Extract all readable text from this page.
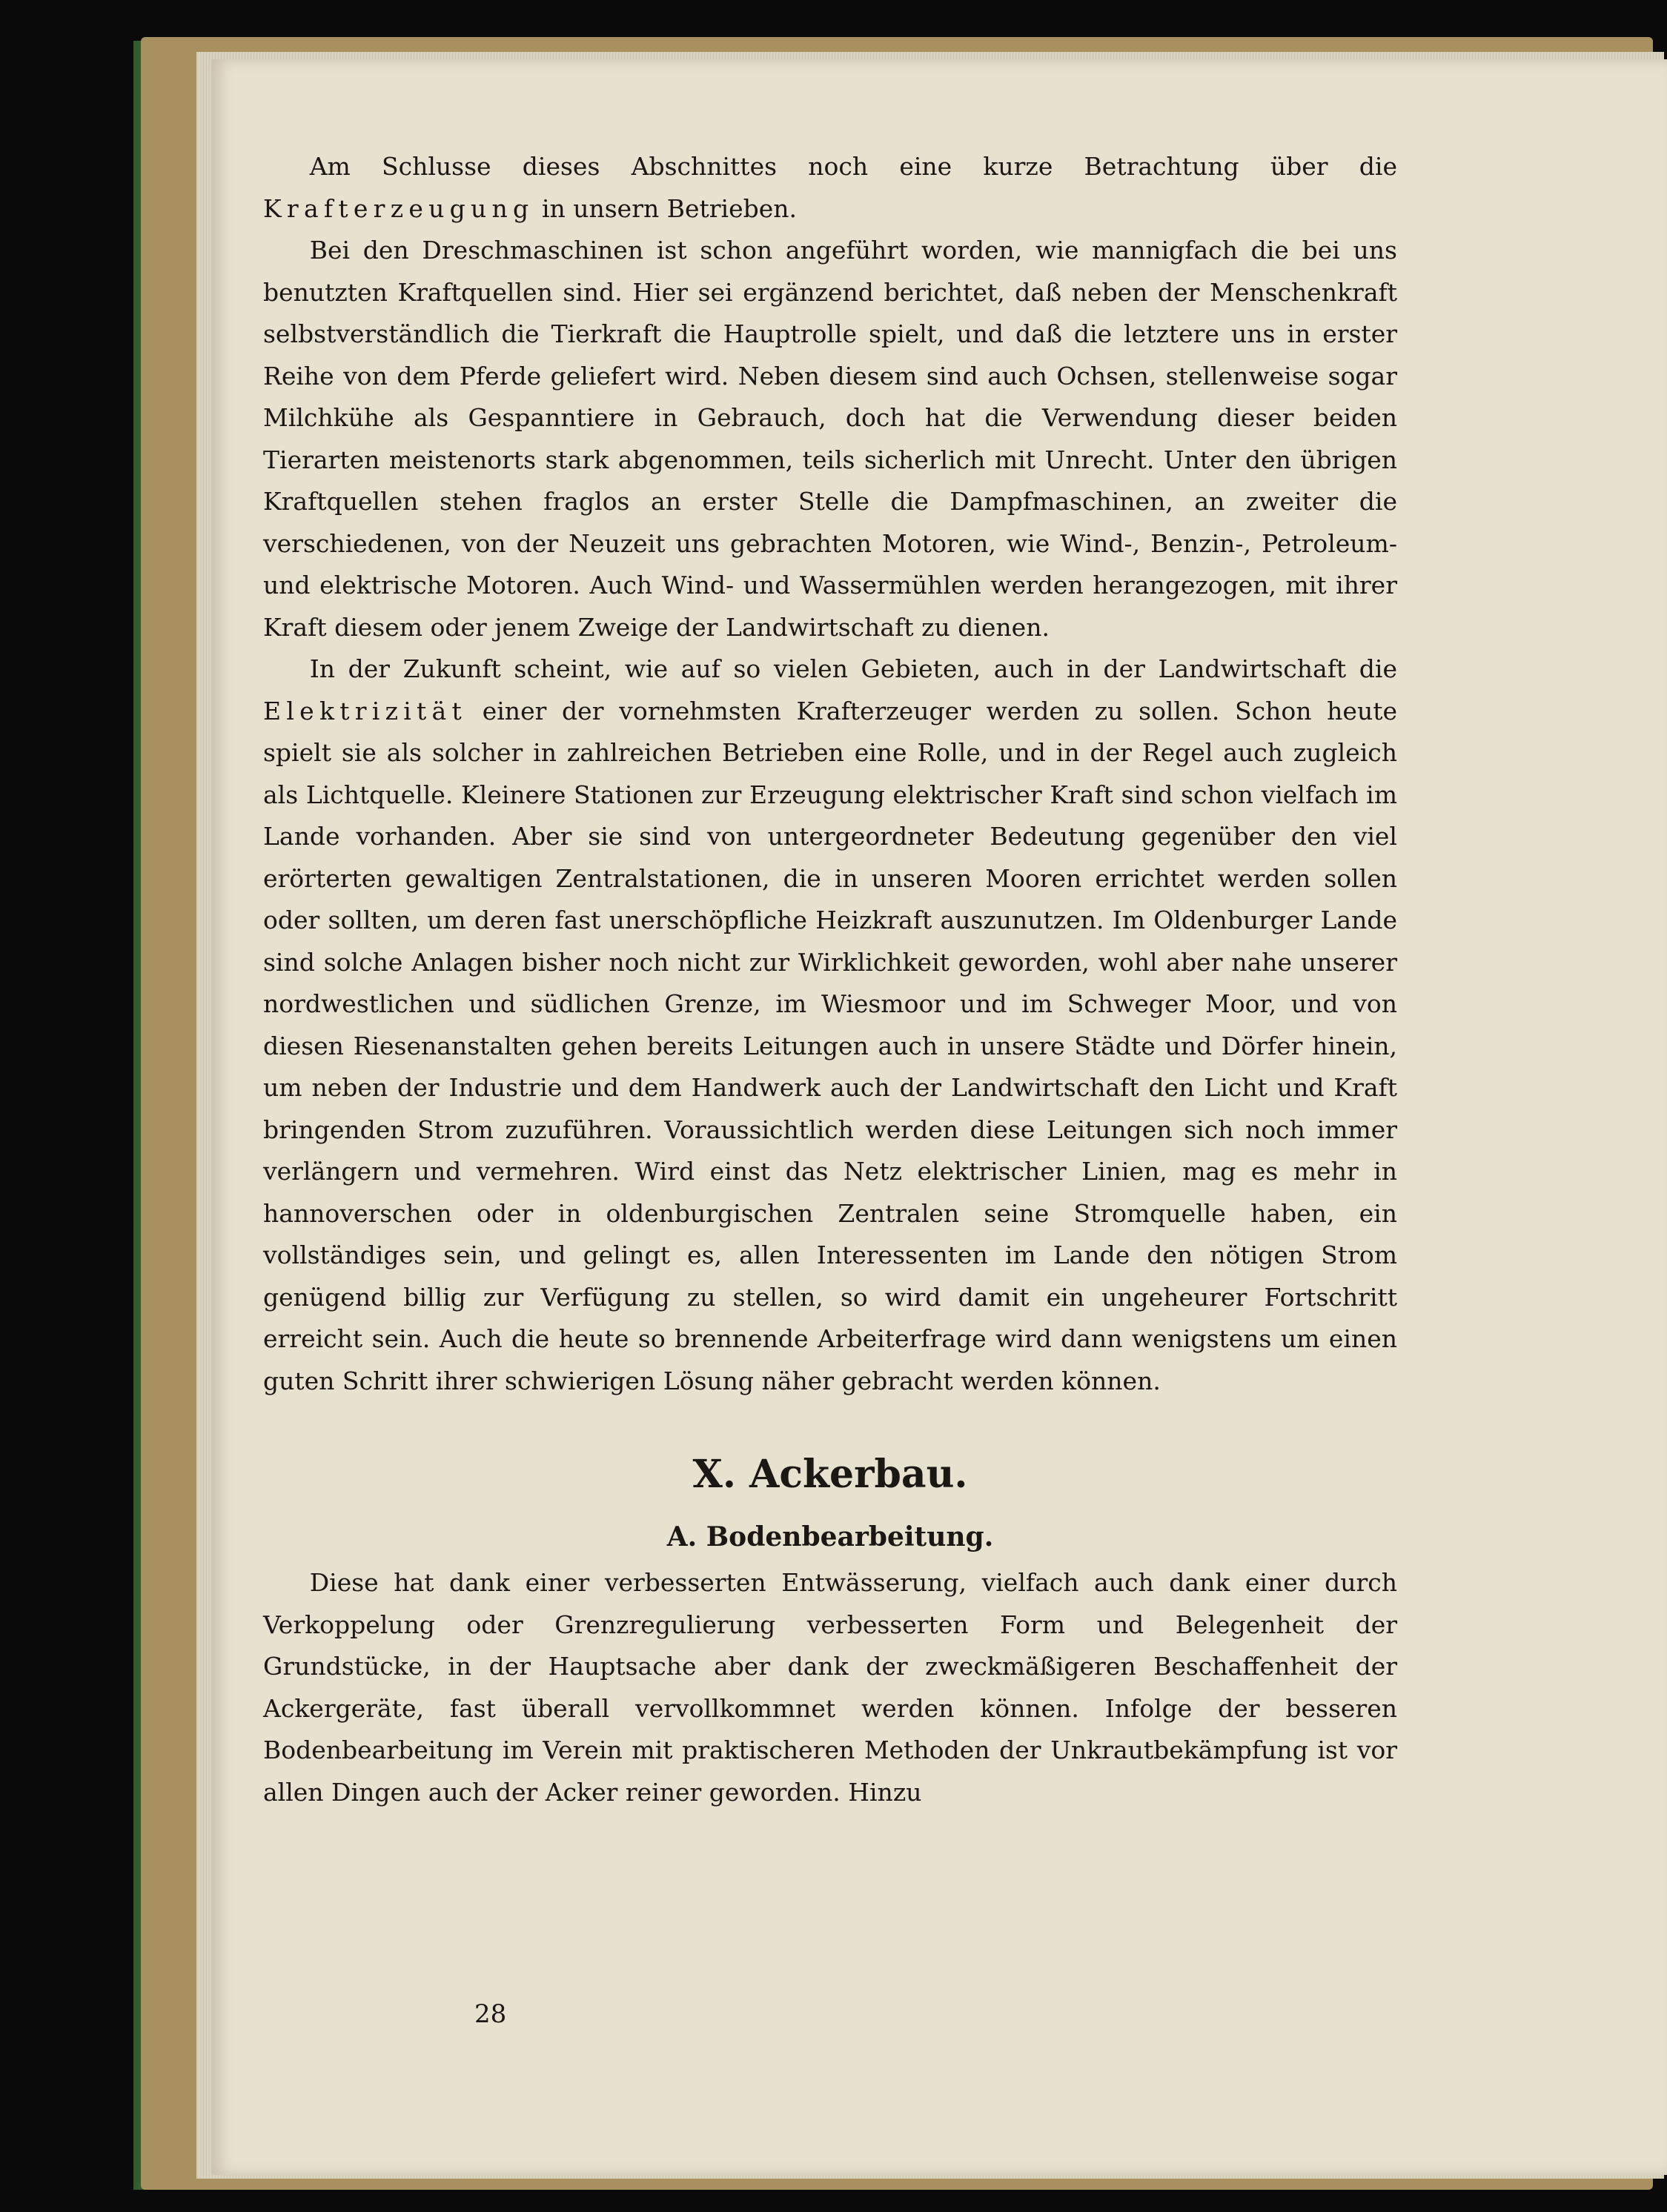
Am Schlusse dieses Abschnittes noch eine kurze Betrachtung über die Krafterzeugung in unsern Betrieben.

Bei den Dreschmaschinen ist schon angeführt worden, wie mannigfach die bei uns benutzten Kraftquellen sind. Hier sei ergänzend berichtet, daß neben der Menschenkraft selbstverständlich die Tierkraft die Hauptrolle spielt, und daß die letztere uns in erster Reihe von dem Pferde geliefert wird. Neben diesem sind auch Ochsen, stellenweise sogar Milchkühe als Gespanntiere in Gebrauch, doch hat die Verwendung dieser beiden Tierarten meistenorts stark abgenommen, teils sicherlich mit Unrecht. Unter den übrigen Kraftquellen stehen fraglos an erster Stelle die Dampfmaschinen, an zweiter die verschiedenen, von der Neuzeit uns gebrachten Motoren, wie Wind-, Benzin-, Petroleum- und elektrische Motoren. Auch Wind- und Wassermühlen werden herangezogen, mit ihrer Kraft diesem oder jenem Zweige der Landwirtschaft zu dienen.

In der Zukunft scheint, wie auf so vielen Gebieten, auch in der Landwirtschaft die Elektrizität einer der vornehmsten Krafterzeuger werden zu sollen. Schon heute spielt sie als solcher in zahlreichen Betrieben eine Rolle, und in der Regel auch zugleich als Lichtquelle. Kleinere Stationen zur Erzeugung elektrischer Kraft sind schon vielfach im Lande vorhanden. Aber sie sind von untergeordneter Bedeutung gegenüber den viel erörterten gewaltigen Zentralstationen, die in unseren Mooren errichtet werden sollen oder sollten, um deren fast unerschöpfliche Heizkraft auszunutzen. Im Oldenburger Lande sind solche Anlagen bisher noch nicht zur Wirklichkeit geworden, wohl aber nahe unserer nordwestlichen und südlichen Grenze, im Wiesmoor und im Schweger Moor, und von diesen Riesenanstalten gehen bereits Leitungen auch in unsere Städte und Dörfer hinein, um neben der Industrie und dem Handwerk auch der Landwirtschaft den Licht und Kraft bringenden Strom zuzuführen. Voraussichtlich werden diese Leitungen sich noch immer verlängern und vermehren. Wird einst das Netz elektrischer Linien, mag es mehr in hannoverschen oder in oldenburgischen Zentralen seine Stromquelle haben, ein vollständiges sein, und gelingt es, allen Interessenten im Lande den nötigen Strom genügend billig zur Verfügung zu stellen, so wird damit ein ungeheurer Fortschritt erreicht sein. Auch die heute so brennende Arbeiterfrage wird dann wenigstens um einen guten Schritt ihrer schwierigen Lösung näher gebracht werden können.

X. Ackerbau.
A. Bodenbearbeitung.

Diese hat dank einer verbesserten Entwässerung, vielfach auch dank einer durch Verkoppelung oder Grenzregulierung verbesserten Form und Belegenheit der Grundstücke, in der Hauptsache aber dank der zweckmäßigeren Beschaffenheit der Ackergeräte, fast überall vervollkommnet werden können. Infolge der besseren Bodenbearbeitung im Verein mit praktischeren Methoden der Unkrautbekämpfung ist vor allen Dingen auch der Acker reiner geworden. Hinzu

28
